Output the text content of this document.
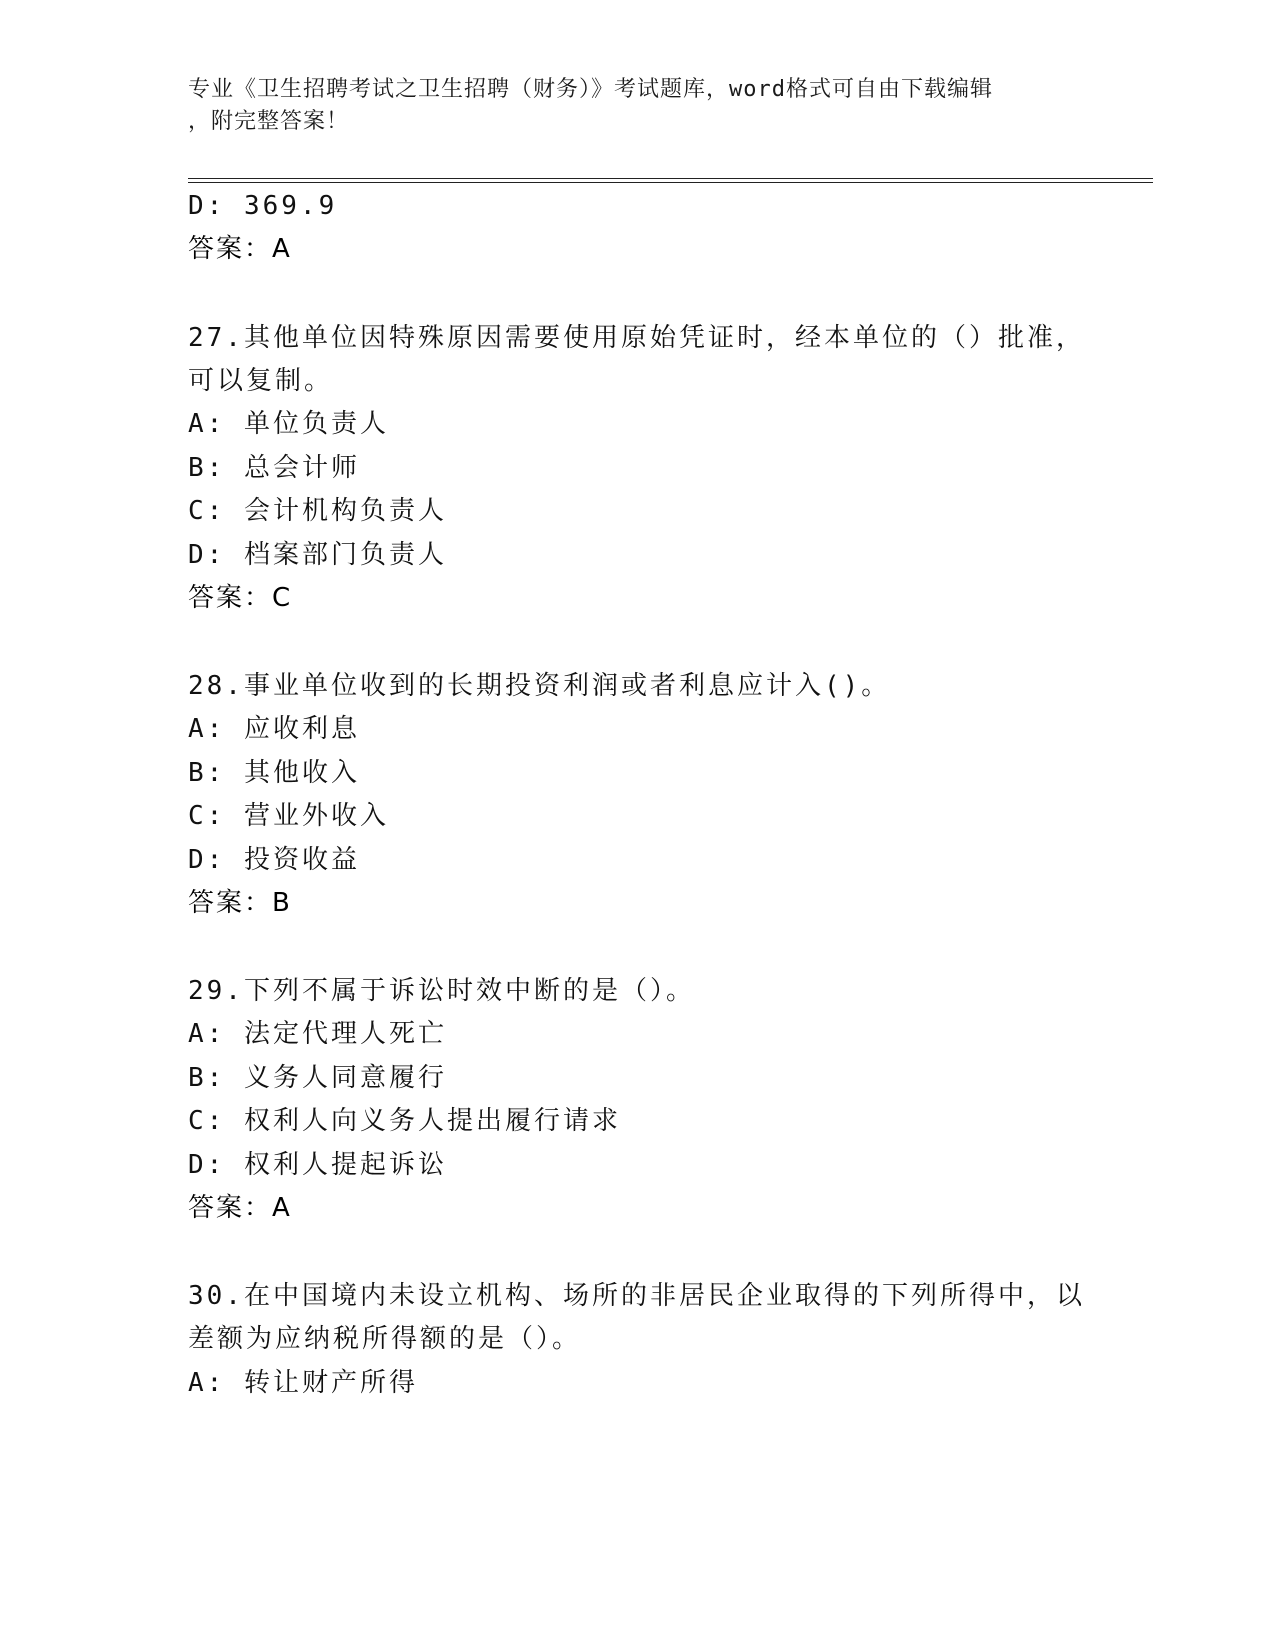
专业《卫生招聘考试之卫生招聘（财务）》考试题库，word格式可自由下载编辑
，附完整答案！
D: 369.9
答案：A
27.其他单位因特殊原因需要使用原始凭证时，经本单位的（）批准，
可以复制。
A: 单位负责人
B: 总会计师
C: 会计机构负责人
D: 档案部门负责人
答案：C
28.事业单位收到的长期投资利润或者利息应计入()。
A: 应收利息
B: 其他收入
C: 营业外收入
D: 投资收益
答案：B
29.下列不属于诉讼时效中断的是（）。
A: 法定代理人死亡
B: 义务人同意履行
C: 权利人向义务人提出履行请求
D: 权利人提起诉讼
答案：A
30.在中国境内未设立机构、场所的非居民企业取得的下列所得中，以
差额为应纳税所得额的是（）。
A: 转让财产所得
